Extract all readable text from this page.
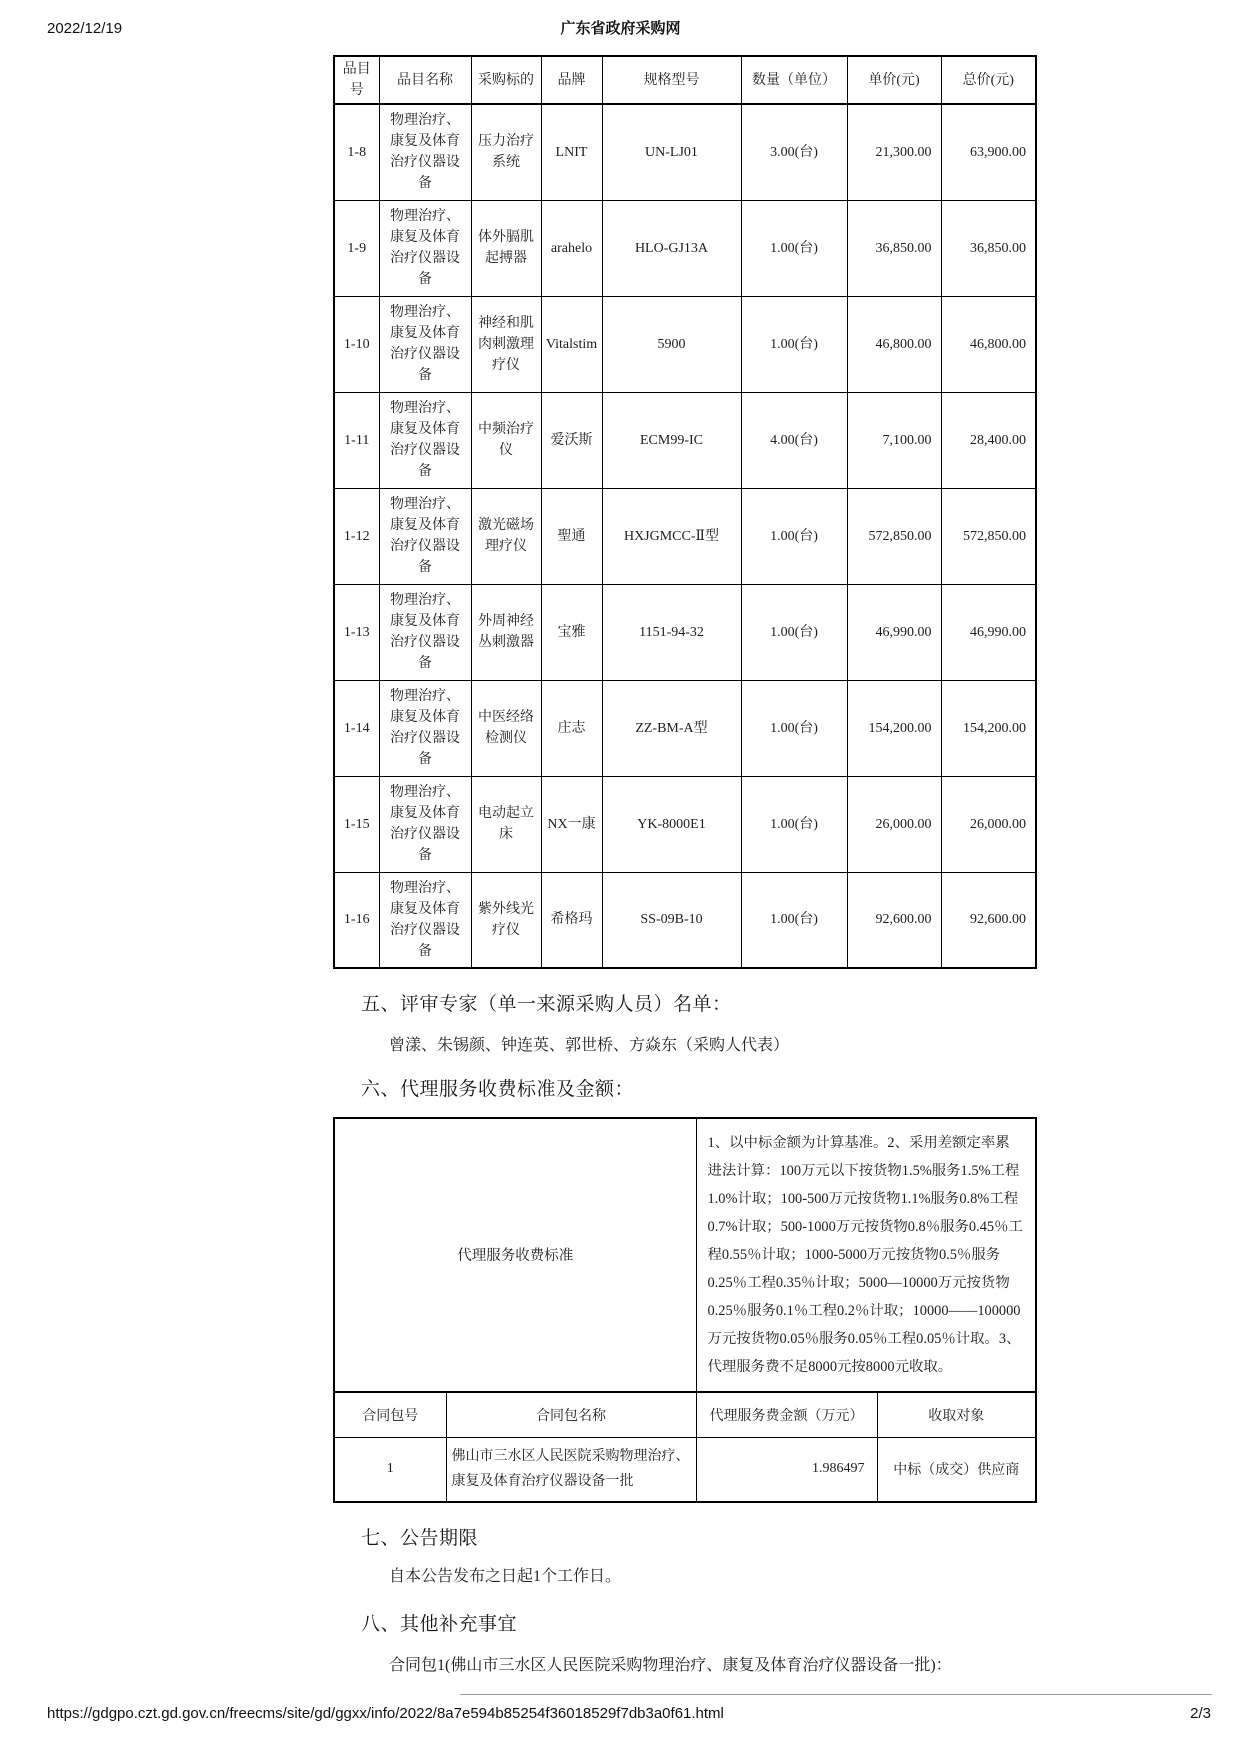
2022/12/19	广东省政府采购网
品目号	品目名称	采购标的	品牌	规格型号	数量（单位）	单价(元)	总价(元)
1-8	物理治疗、康复及体育治疗仪器设备	压力治疗系统	LNIT	UN-LJ01	3.00(台)	21,300.00	63,900.00
1-9	物理治疗、康复及体育治疗仪器设备	体外膈肌起搏器	arahelo	HLO-GJ13A	1.00(台)	36,850.00	36,850.00
1-10	物理治疗、康复及体育治疗仪器设备	神经和肌肉刺激理疗仪	Vitalstim	5900	1.00(台)	46,800.00	46,800.00
1-11	物理治疗、康复及体育治疗仪器设备	中频治疗仪	爱沃斯	ECM99-IC	4.00(台)	7,100.00	28,400.00
1-12	物理治疗、康复及体育治疗仪器设备	激光磁场理疗仪	聖通	HXJGMCC-Ⅱ型	1.00(台)	572,850.00	572,850.00
1-13	物理治疗、康复及体育治疗仪器设备	外周神经丛刺激器	宝雅	1151-94-32	1.00(台)	46,990.00	46,990.00
1-14	物理治疗、康复及体育治疗仪器设备	中医经络检测仪	庄志	ZZ-BM-A型	1.00(台)	154,200.00	154,200.00
1-15	物理治疗、康复及体育治疗仪器设备	电动起立床	NX一康	YK-8000E1	1.00(台)	26,000.00	26,000.00
1-16	物理治疗、康复及体育治疗仪器设备	紫外线光疗仪	希格玛	SS-09B-10	1.00(台)	92,600.00	92,600.00
五、评审专家（单一来源采购人员）名单：

曾漾、朱锡颜、钟连英、郭世桥、方焱东（采购人代表）

六、代理服务收费标准及金额：
代理服务收费标准		1、以中标金额为计算基准。2、采用差额定率累进法计算：100万元以下按货物1.5%服务1.5%工程1.0%计取；100-500万元按货物1.1%服务0.8%工程0.7%计取；500-1000万元按货物0.8％服务0.45％工程0.55％计取；1000-5000万元按货物0.5％服务0.25％工程0.35％计取；5000—10000万元按货物0.25％服务0.1％工程0.2％计取；10000——100000万元按货物0.05％服务0.05％工程0.05％计取。3、代理服务费不足8000元按8000元收取。	
合同包号	合同包名称	代理服务费金额（万元）	收取对象
1	佛山市三水区人民医院采购物理治疗、康复及体育治疗仪器设备一批	1.986497	中标（成交）供应商
七、公告期限

自本公告发布之日起1个工作日。

八、其他补充事宜

合同包1(佛山市三水区人民医院采购物理治疗、康复及体育治疗仪器设备一批)：

https://gdgpo.czt.gd.gov.cn/freecms/site/gd/ggxx/info/2022/8a7e594b85254f36018529f7db3a0f61.html	2/3
